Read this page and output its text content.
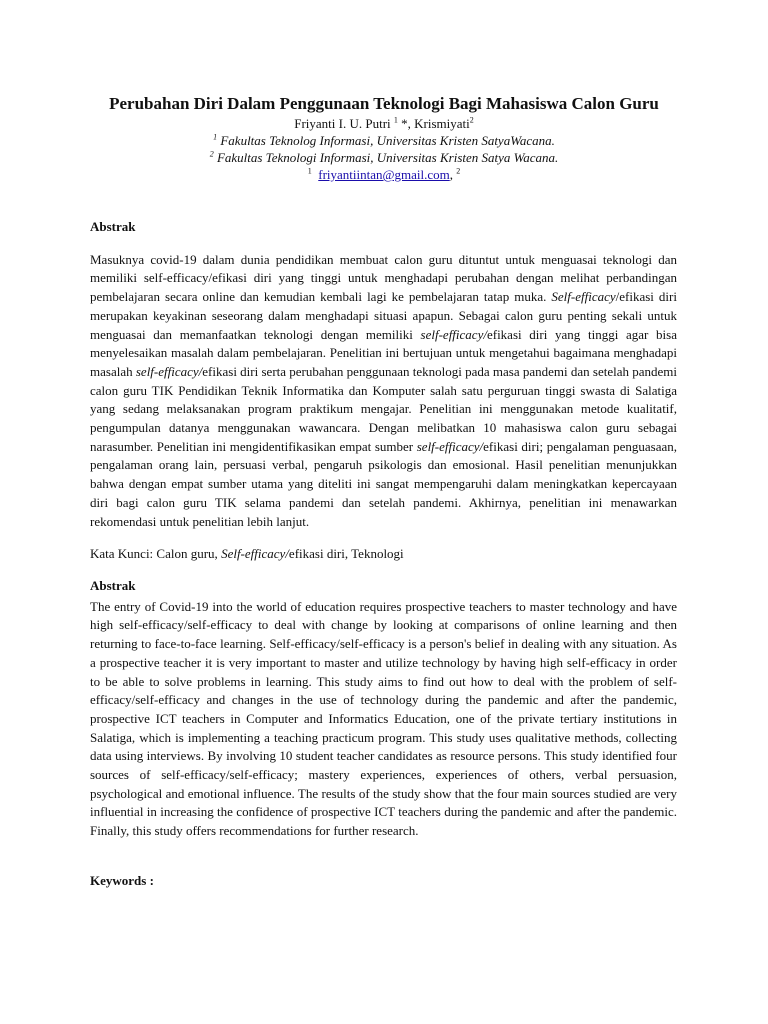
Perubahan Diri Dalam Penggunaan Teknologi Bagi Mahasiswa Calon Guru

Friyanti I. U. Putri $^1$ *, Krismiyati$^2$

$^1$ Fakultas Teknolog Informasi, Universitas Kristen SatyaWacana.

$^2$ Fakultas Teknologi Informasi, Universitas Kristen Satya Wacana.

$^1$ friyantiintan@gmail.com, $^2$

Abstrak

Masuknya covid-19 dalam dunia pendidikan membuat calon guru dituntut untuk menguasai teknologi dan memiliki self-efficacy/efikasi diri yang tinggi untuk menghadapi perubahan dengan melihat perbandingan pembelajaran secara online dan kemudian kembali lagi ke pembelajaran tatap muka. Self-efficacy/efikasi diri merupakan keyakinan seseorang dalam menghadapi situasi apapun. Sebagai calon guru penting sekali untuk menguasai dan memanfaatkan teknologi dengan memiliki self-efficacy/efikasi diri yang tinggi agar bisa menyelesaikan masalah dalam pembelajaran. Penelitian ini bertujuan untuk mengetahui bagaimana menghadapi masalah self-efficacy/efikasi diri serta perubahan penggunaan teknologi pada masa pandemi dan setelah pandemi calon guru TIK Pendidikan Teknik Informatika dan Komputer salah satu perguruan tinggi swasta di Salatiga yang sedang melaksanakan program praktikum mengajar. Penelitian ini menggunakan metode kualitatif, pengumpulan datanya menggunakan wawancara. Dengan melibatkan 10 mahasiswa calon guru sebagai narasumber. Penelitian ini mengidentifikasikan empat sumber self-efficacy/efikasi diri; pengalaman penguasaan, pengalaman orang lain, persuasi verbal, pengaruh psikologis dan emosional. Hasil penelitian menunjukkan bahwa dengan empat sumber utama yang diteliti ini sangat mempengaruhi dalam meningkatkan kepercayaan diri bagi calon guru TIK selama pandemi dan setelah pandemi. Akhirnya, penelitian ini menawarkan rekomendasi untuk penelitian lebih lanjut.

Kata Kunci: Calon guru, Self-efficacy/efikasi diri, Teknologi

Abstrak

The entry of Covid-19 into the world of education requires prospective teachers to master technology and have high self-efficacy/self-efficacy to deal with change by looking at comparisons of online learning and then returning to face-to-face learning. Self-efficacy/self-efficacy is a person's belief in dealing with any situation. As a prospective teacher it is very important to master and utilize technology by having high self-efficacy in order to be able to solve problems in learning. This study aims to find out how to deal with the problem of self-efficacy/self-efficacy and changes in the use of technology during the pandemic and after the pandemic, prospective ICT teachers in Computer and Informatics Education, one of the private tertiary institutions in Salatiga, which is implementing a teaching practicum program. This study uses qualitative methods, collecting data using interviews. By involving 10 student teacher candidates as resource persons. This study identified four sources of self-efficacy/self-efficacy; mastery experiences, experiences of others, verbal persuasion, psychological and emotional influence. The results of the study show that the four main sources studied are very influential in increasing the confidence of prospective ICT teachers during the pandemic and after the pandemic. Finally, this study offers recommendations for further research.

Keywords :
